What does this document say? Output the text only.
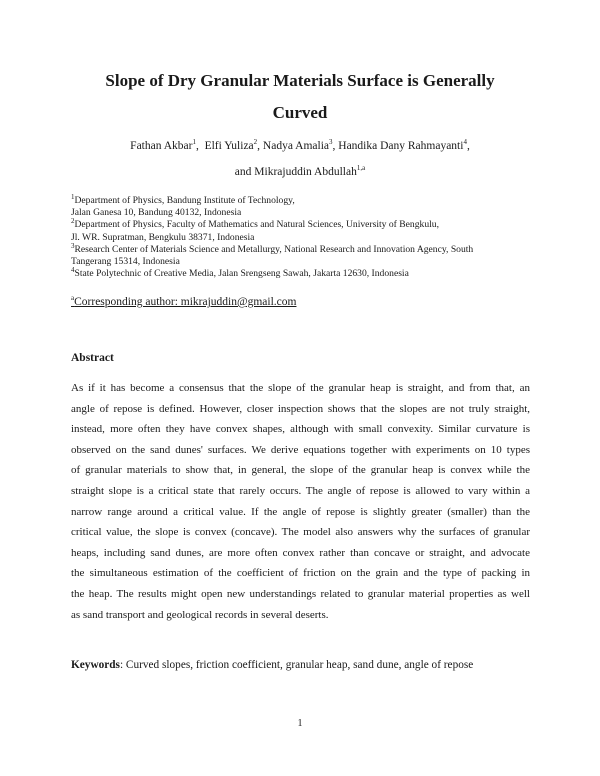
Slope of Dry Granular Materials Surface is Generally
Curved
Fathan Akbar$^1$,  Elfi Yuliza$^2$, Nadya Amalia$^3$, Handika Dany Rahmayanti$^4$,
and Mikrajuddin Abdullah$^{1,a}$
$^1$Department of Physics, Bandung Institute of Technology,
Jalan Ganesa 10, Bandung 40132, Indonesia
$^2$Department of Physics, Faculty of Mathematics and Natural Sciences, University of Bengkulu,
Jl. WR. Supratman, Bengkulu 38371, Indonesia
$^3$Research Center of Materials Science and Metallurgy, National Research and Innovation Agency, South
Tangerang 15314, Indonesia
$^4$State Polytechnic of Creative Media, Jalan Srengseng Sawah, Jakarta 12630, Indonesia
$^a$Corresponding author: mikrajuddin@gmail.com
Abstract
As if it has become a consensus that the slope of the granular heap is straight, and from that, an
angle of repose is defined. However, closer inspection shows that the slopes are not truly straight,
instead, more often they have convex shapes, although with small convexity. Similar curvature is
observed on the sand dunes' surfaces. We derive equations together with experiments on 10 types
of granular materials to show that, in general, the slope of the granular heap is convex while the
straight slope is a critical state that rarely occurs. The angle of repose is allowed to vary within a
narrow range around a critical value. If the angle of repose is slightly greater (smaller) than the
critical value, the slope is convex (concave). The model also answers why the surfaces of granular
heaps, including sand dunes, are more often convex rather than concave or straight, and advocate
the simultaneous estimation of the coefficient of friction on the grain and the type of packing in
the heap. The results might open new understandings related to granular material properties as well
as sand transport and geological records in several deserts.
Keywords: Curved slopes, friction coefficient, granular heap, sand dune, angle of repose
1
